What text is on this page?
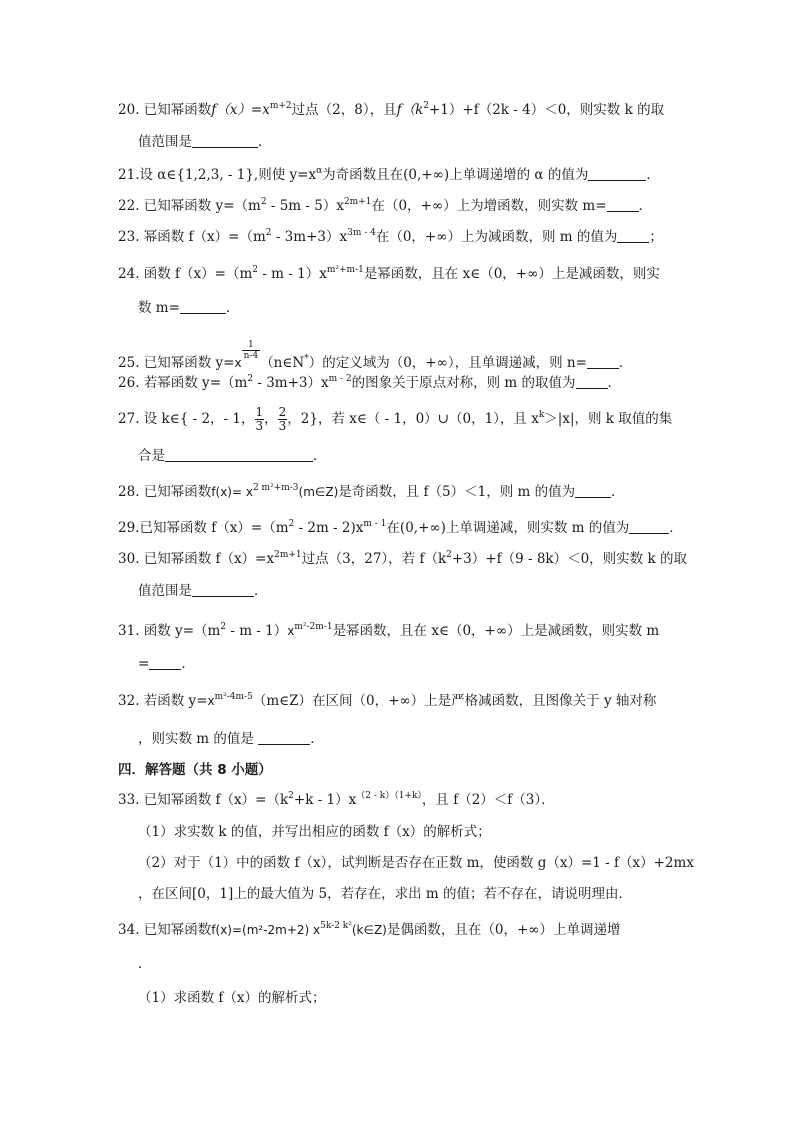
20. 已知幂函数$f(x)=x^{m+2}$过点（2，8），且$f(k^2+1)+f(2k - 4)<0$，则实数 k 的取
值范围是	．
21.设 α∈{1,2,3, - 1},则使 $y=x^\alpha$为奇函数且在(0,+∞)上单调递增的 α 的值为	．
22. 已知幂函数 $y=(m^2 - 5m - 5)x^{2m+1}$在（0，+∞）上为增函数，则实数 m= ．
23. 幂函数 $f(x)=(m^2 - 3m+3)x^{3m - 4}$在（0，+∞）上为减函数，则 m 的值为 ；
24. 函数 $f(x)=(m^2 - m - 1)x^{m^2+m-1}$是幂函数，且在 x∈（0，+∞）上是减函数，则实
数 m=	．
25. 已知幂函数 y=x
$\frac{1}{n-4}$
（n∈N*）的定义域为（0，+∞），且单调递减，则 n= ．
26. 若幂函数 $y=(m^2 - 3m+3)x^{m - 2}$的图象关于原点对称，则 m 的取值为 ．
27. 设 k∈{ - 2，- 1， $\frac{1}{3}$ ， $\frac{2}{3}$ ，2}，若 x∈（ - 1，0）∪（0，1），且 $x^k>|x|$，则 k 取值的集
合是	．
28. 已知幂函数$f(x)= x^{2 m^2+m-3}(m\in Z)$是奇函数，且 f（5）＜1，则 m 的值为	．
29.已知幂函数 $f(x)=(m^2 - 2m - 2)x^{m - 1}$在(0,+∞)上单调递减，则实数 m 的值为	．
30. 已知幂函数 $f(x)=x^{2m+1}$过点（3，27），若 $f(k^2+3)+f(9 - 8k)<0$，则实数 k 的取
值范围是	．
31. 函数 $y=(m^2 - m - 1)x^{m^2-2m-1}$是幂函数，且在 x∈（0，+∞）上是减函数，则实数 m
= ．
32. 若函数 $y=x^{m^2-4m-5}(m\in Z)$在区间（0，+∞）上是严格减函数，且图像关于 y 轴对称
，则实数 m 的值是	．
四．解答题（共 8 小题）
33. 已知幂函数 $f(x)=(k^2+k - 1)x^{(2 - k)(1+k)}$，且 f（2）＜f（3）．
（1）求实数 k 的值，并写出相应的函数 f（x）的解析式；
（2）对于（1）中的函数 f（x），试判断是否存在正数 m，使函数 g（x）=1 - f（x）+2mx
，在区间[0，1]上的最大值为 5，若存在，求出 m 的值；若不存在，请说明理由．
34. 已知幂函数f(x)=(m²-2m+2) $x^{5k-2 k^2}(k\in Z)$是偶函数，且在（0，+∞）上单调递增
．
（1）求函数 f（x）的解析式；
